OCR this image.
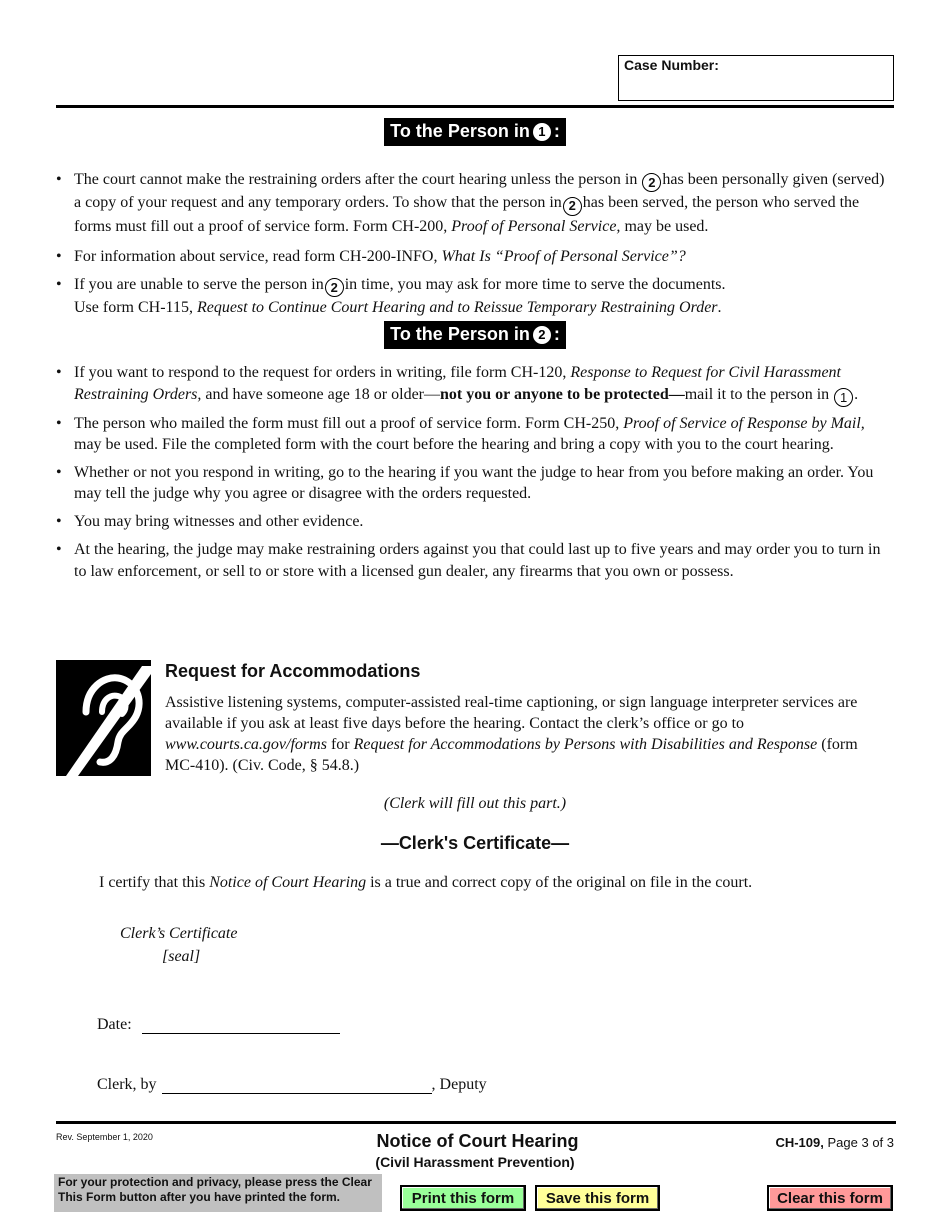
Case Number:
To the Person in 1 :
• The court cannot make the restraining orders after the court hearing unless the person in 2 has been personally given (served) a copy of your request and any temporary orders. To show that the person in 2 has been served, the person who served the forms must fill out a proof of service form. Form CH-200, Proof of Personal Service, may be used.
• For information about service, read form CH-200-INFO, What Is “Proof of Personal Service”?
• If you are unable to serve the person in 2 in time, you may ask for more time to serve the documents.
Use form CH-115, Request to Continue Court Hearing and to Reissue Temporary Restraining Order.
To the Person in 2 :
• If you want to respond to the request for orders in writing, file form CH-120, Response to Request for Civil Harassment Restraining Orders, and have someone age 18 or older—not you or anyone to be protected—mail it to the person in 1 .
• The person who mailed the form must fill out a proof of service form. Form CH-250, Proof of Service of Response by Mail, may be used. File the completed form with the court before the hearing and bring a copy with you to the court hearing.
• Whether or not you respond in writing, go to the hearing if you want the judge to hear from you before making an order. You may tell the judge why you agree or disagree with the orders requested.
• You may bring witnesses and other evidence.
• At the hearing, the judge may make restraining orders against you that could last up to five years and may order you to turn in to law enforcement, or sell to or store with a licensed gun dealer, any firearms that you own or possess.
Request for Accommodations
Assistive listening systems, computer-assisted real-time captioning, or sign language interpreter services are available if you ask at least five days before the hearing. Contact the clerk’s office or go to www.courts.ca.gov/forms for Request for Accommodations by Persons with Disabilities and Response (form MC-410). (Civ. Code, § 54.8.)
(Clerk will fill out this part.)
—Clerk's Certificate—
I certify that this Notice of Court Hearing is a true and correct copy of the original on file in the court.
Clerk’s Certificate
[seal]
Date:
Clerk, by	, Deputy
Rev. September 1, 2020	Notice of Court Hearing
(Civil Harassment Prevention)
CH-109, Page 3 of 3
For your protection and privacy, please press the Clear This Form button after you have printed the form.	Print this form	Save this form	Clear this form
